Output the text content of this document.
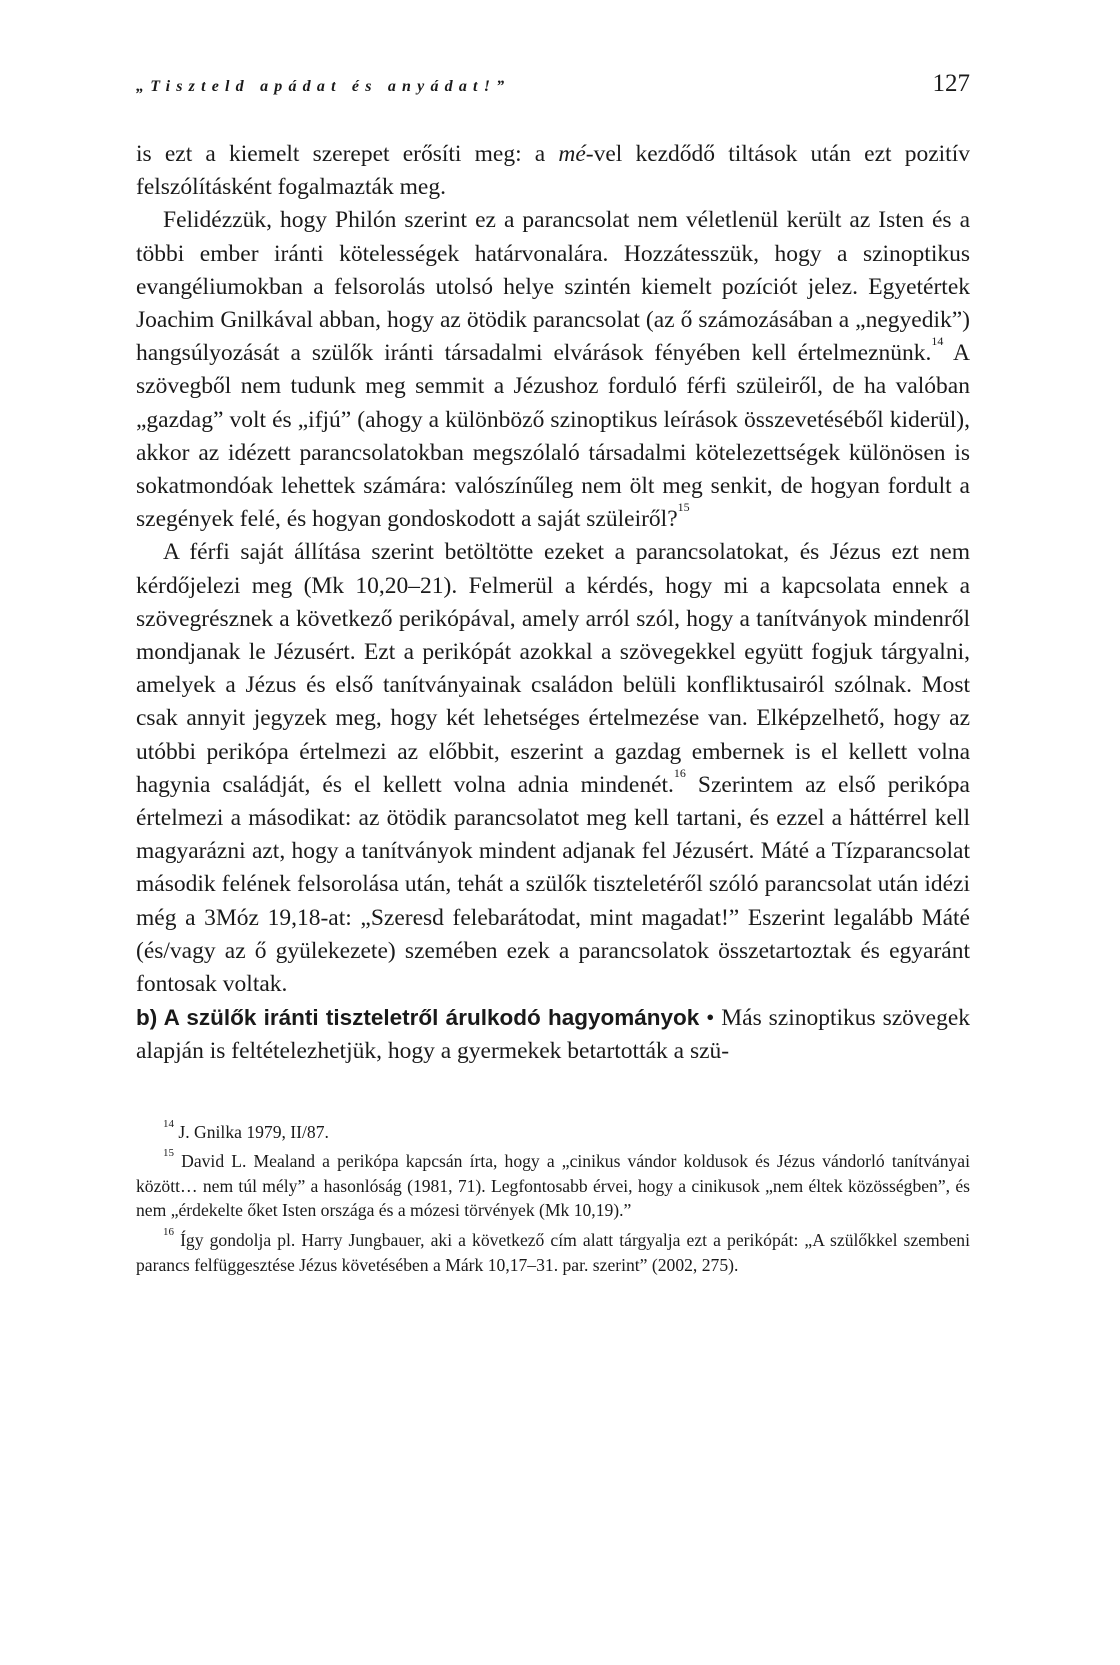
„Tiszteld apádat és anyádat!”	127

is ezt a kiemelt szerepet erősíti meg: a mé-vel kezdődő tiltások után ezt pozitív felszólításként fogalmazták meg.

Felidézzük, hogy Philón szerint ez a parancsolat nem véletlenül került az Isten és a többi ember iránti kötelességek határvonalára. Hozzátesszük, hogy a szinoptikus evangéliumokban a felsorolás utolsó helye szintén kiemelt pozíciót jelez. Egyetértek Joachim Gnilkával abban, hogy az ötödik parancsolat (az ő számozásában a „negyedik”) hangsúlyozását a szülők iránti társadalmi elvárások fényében kell értelmeznünk.$^{14}$ A szövegből nem tudunk meg semmit a Jézushoz forduló férfi szüleiről, de ha valóban „gazdag” volt és „ifjú” (ahogy a különböző szinoptikus leírások összevetéséből kiderül), akkor az idézett parancsolatokban megszólaló társadalmi kötelezettségek különösen is sokatmondóak lehettek számára: valószínűleg nem ölt meg senkit, de hogyan fordult a szegények felé, és hogyan gondoskodott a saját szüleiről?$^{15}$

A férfi saját állítása szerint betöltötte ezeket a parancsolatokat, és Jézus ezt nem kérdőjelezi meg (Mk 10,20–21). Felmerül a kérdés, hogy mi a kapcsolata ennek a szövegrésznek a következő perikópával, amely arról szól, hogy a tanítványok mindenről mondjanak le Jézusért. Ezt a perikópát azokkal a szövegekkel együtt fogjuk tárgyalni, amelyek a Jézus és első tanítványainak családon belüli konfliktusairól szólnak. Most csak annyit jegyzek meg, hogy két lehetséges értelmezése van. Elképzelhető, hogy az utóbbi perikópa értelmezi az előbbit, eszerint a gazdag embernek is el kellett volna hagynia családját, és el kellett volna adnia mindenét.$^{16}$ Szerintem az első perikópa értelmezi a másodikat: az ötödik parancsolatot meg kell tartani, és ezzel a háttérrel kell magyarázni azt, hogy a tanítványok mindent adjanak fel Jézusért. Máté a Tízparancsolat második felének felsorolása után, tehát a szülők tiszteletéről szóló parancsolat után idézi még a 3Móz 19,18-at: „Szeresd felebarátodat, mint magadat!” Eszerint legalább Máté (és/vagy az ő gyülekezete) szemében ezek a parancsolatok összetartoztak és egyaránt fontosak voltak.

b) A szülők iránti tiszteletről árulkodó hagyományok • Más szinoptikus szövegek alapján is feltételezhetjük, hogy a gyermekek betartották a szü-

$^{14}$ J. Gnilka 1979, II/87.

$^{15}$ David L. Mealand a perikópa kapcsán írta, hogy a „cinikus vándor koldusok és Jézus vándorló tanítványai között… nem túl mély” a hasonlóság (1981, 71). Legfontosabb érvei, hogy a cinikusok „nem éltek közösségben”, és nem „érdekelte őket Isten országa és a mózesi törvények (Mk 10,19).”

$^{16}$ Így gondolja pl. Harry Jungbauer, aki a következő cím alatt tárgyalja ezt a perikópát: „A szülőkkel szembeni parancs felfüggesztése Jézus követésében a Márk 10,17–31. par. szerint” (2002, 275).
